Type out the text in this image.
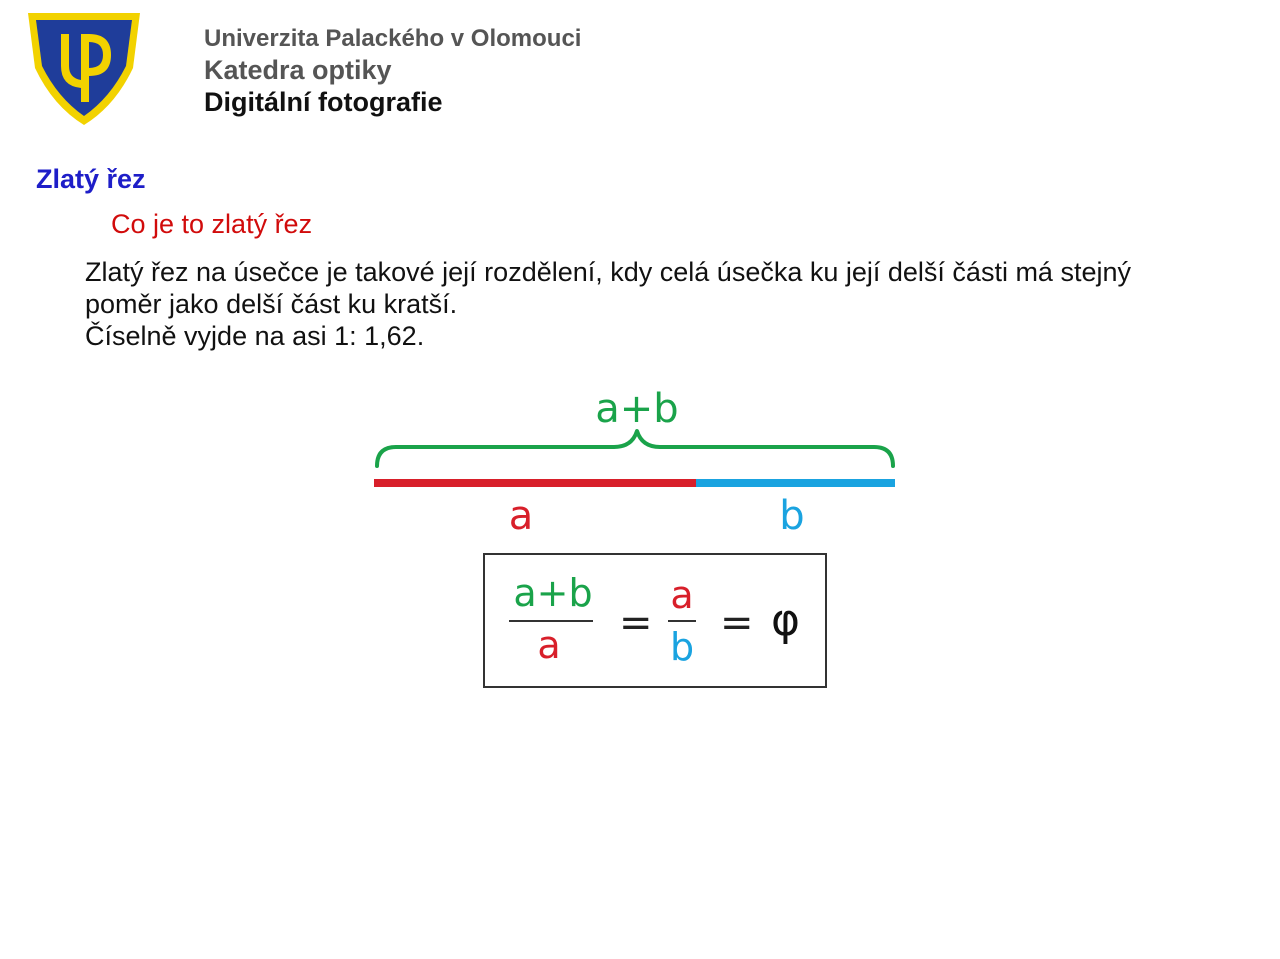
Univerzita Palackého v Olomouci
Katedra optiky
Digitální fotografie
Zlatý řez
Co je to zlatý řez
Zlatý řez na úsečce je takové její rozdělení, kdy celá úsečka ku její delší části má stejný poměr jako delší část ku kratší.
Číselně vyjde na asi 1: 1,62.
a+b
a	b
a+b
a	=
a
b
= φ
